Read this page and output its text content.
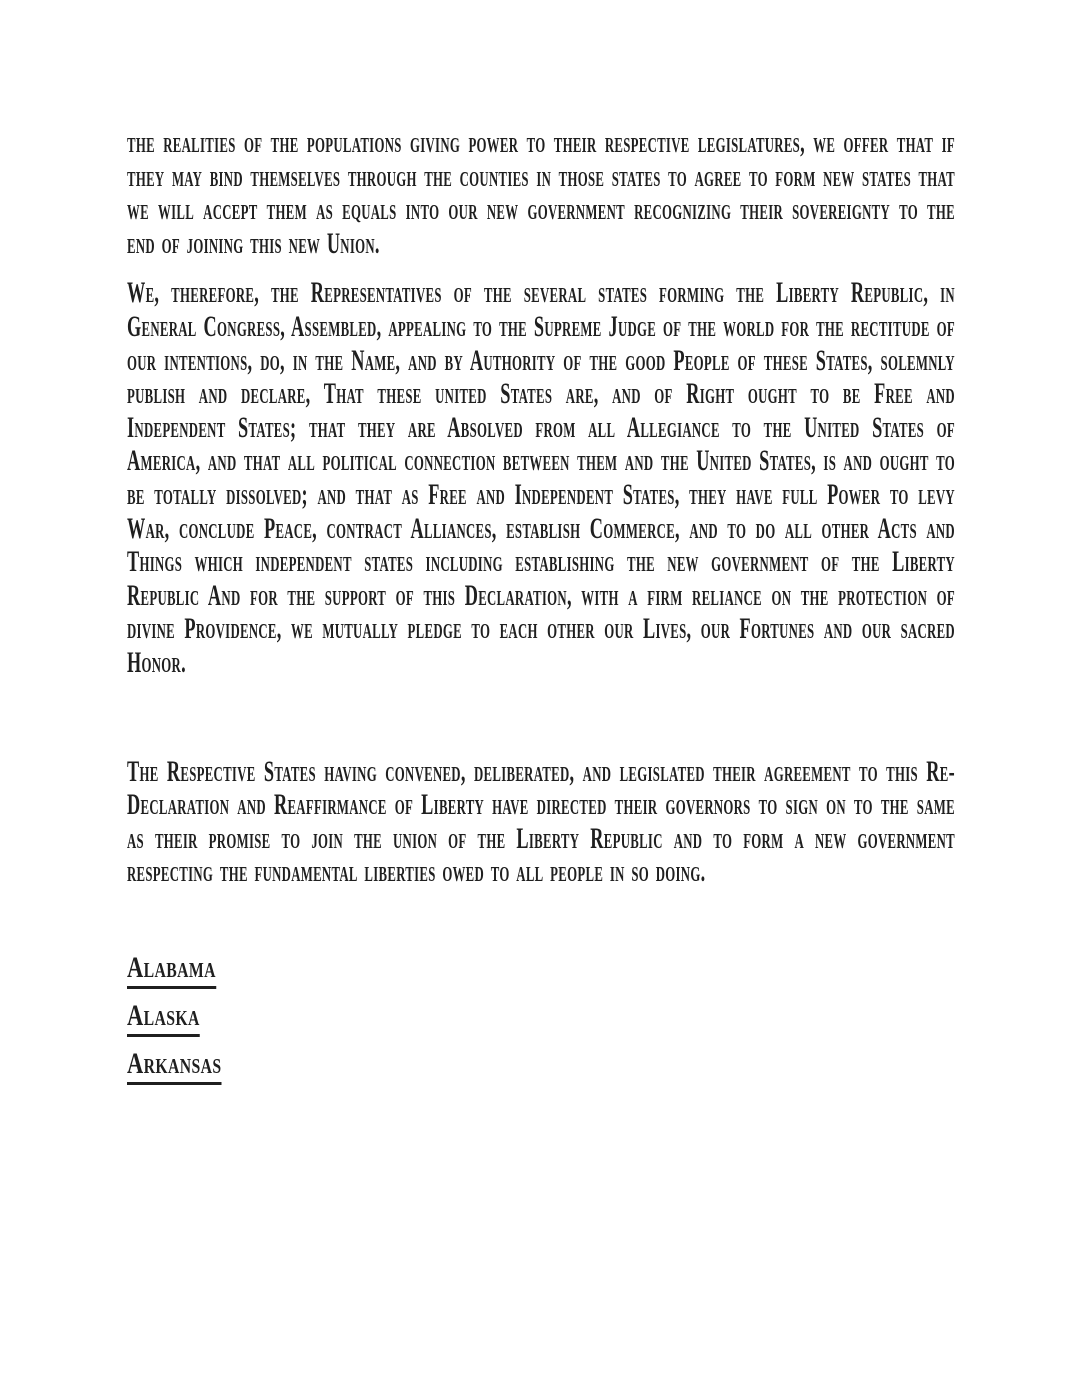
the realities of the populations giving power to their respective legislatures, we offer that if they may bind themselves through the counties in those states to agree to form new states that we will accept them as equals into our new government recognizing their sovereignty to the end of joining this new Union.

We, therefore, the Representatives of the several states forming the Liberty Republic, in General Congress, Assembled, appealing to the Supreme Judge of the world for the rectitude of our intentions, do, in the Name, and by Authority of the good People of these States, solemnly publish and declare, That these united States are, and of Right ought to be Free and Independent States; that they are Absolved from all Allegiance to the United States of America, and that all political connection between them and the United States, is and ought to be totally dissolved; and that as Free and Independent States, they have full Power to levy War, conclude Peace, contract Alliances, establish Commerce, and to do all other Acts and Things which independent states including establishing the new government of the Liberty Republic And for the support of this Declaration, with a firm reliance on the protection of divine Providence, we mutually pledge to each other our Lives, our Fortunes and our sacred Honor.

The Respective States having convened, deliberated, and legislated their agreement to this Re-Declaration and Reaffirmance of Liberty have directed their governors to sign on to the same as their promise to join the union of the Liberty Republic and to form a new government respecting the fundamental liberties owed to all people in so doing.

Alabama
Alaska
Arkansas
